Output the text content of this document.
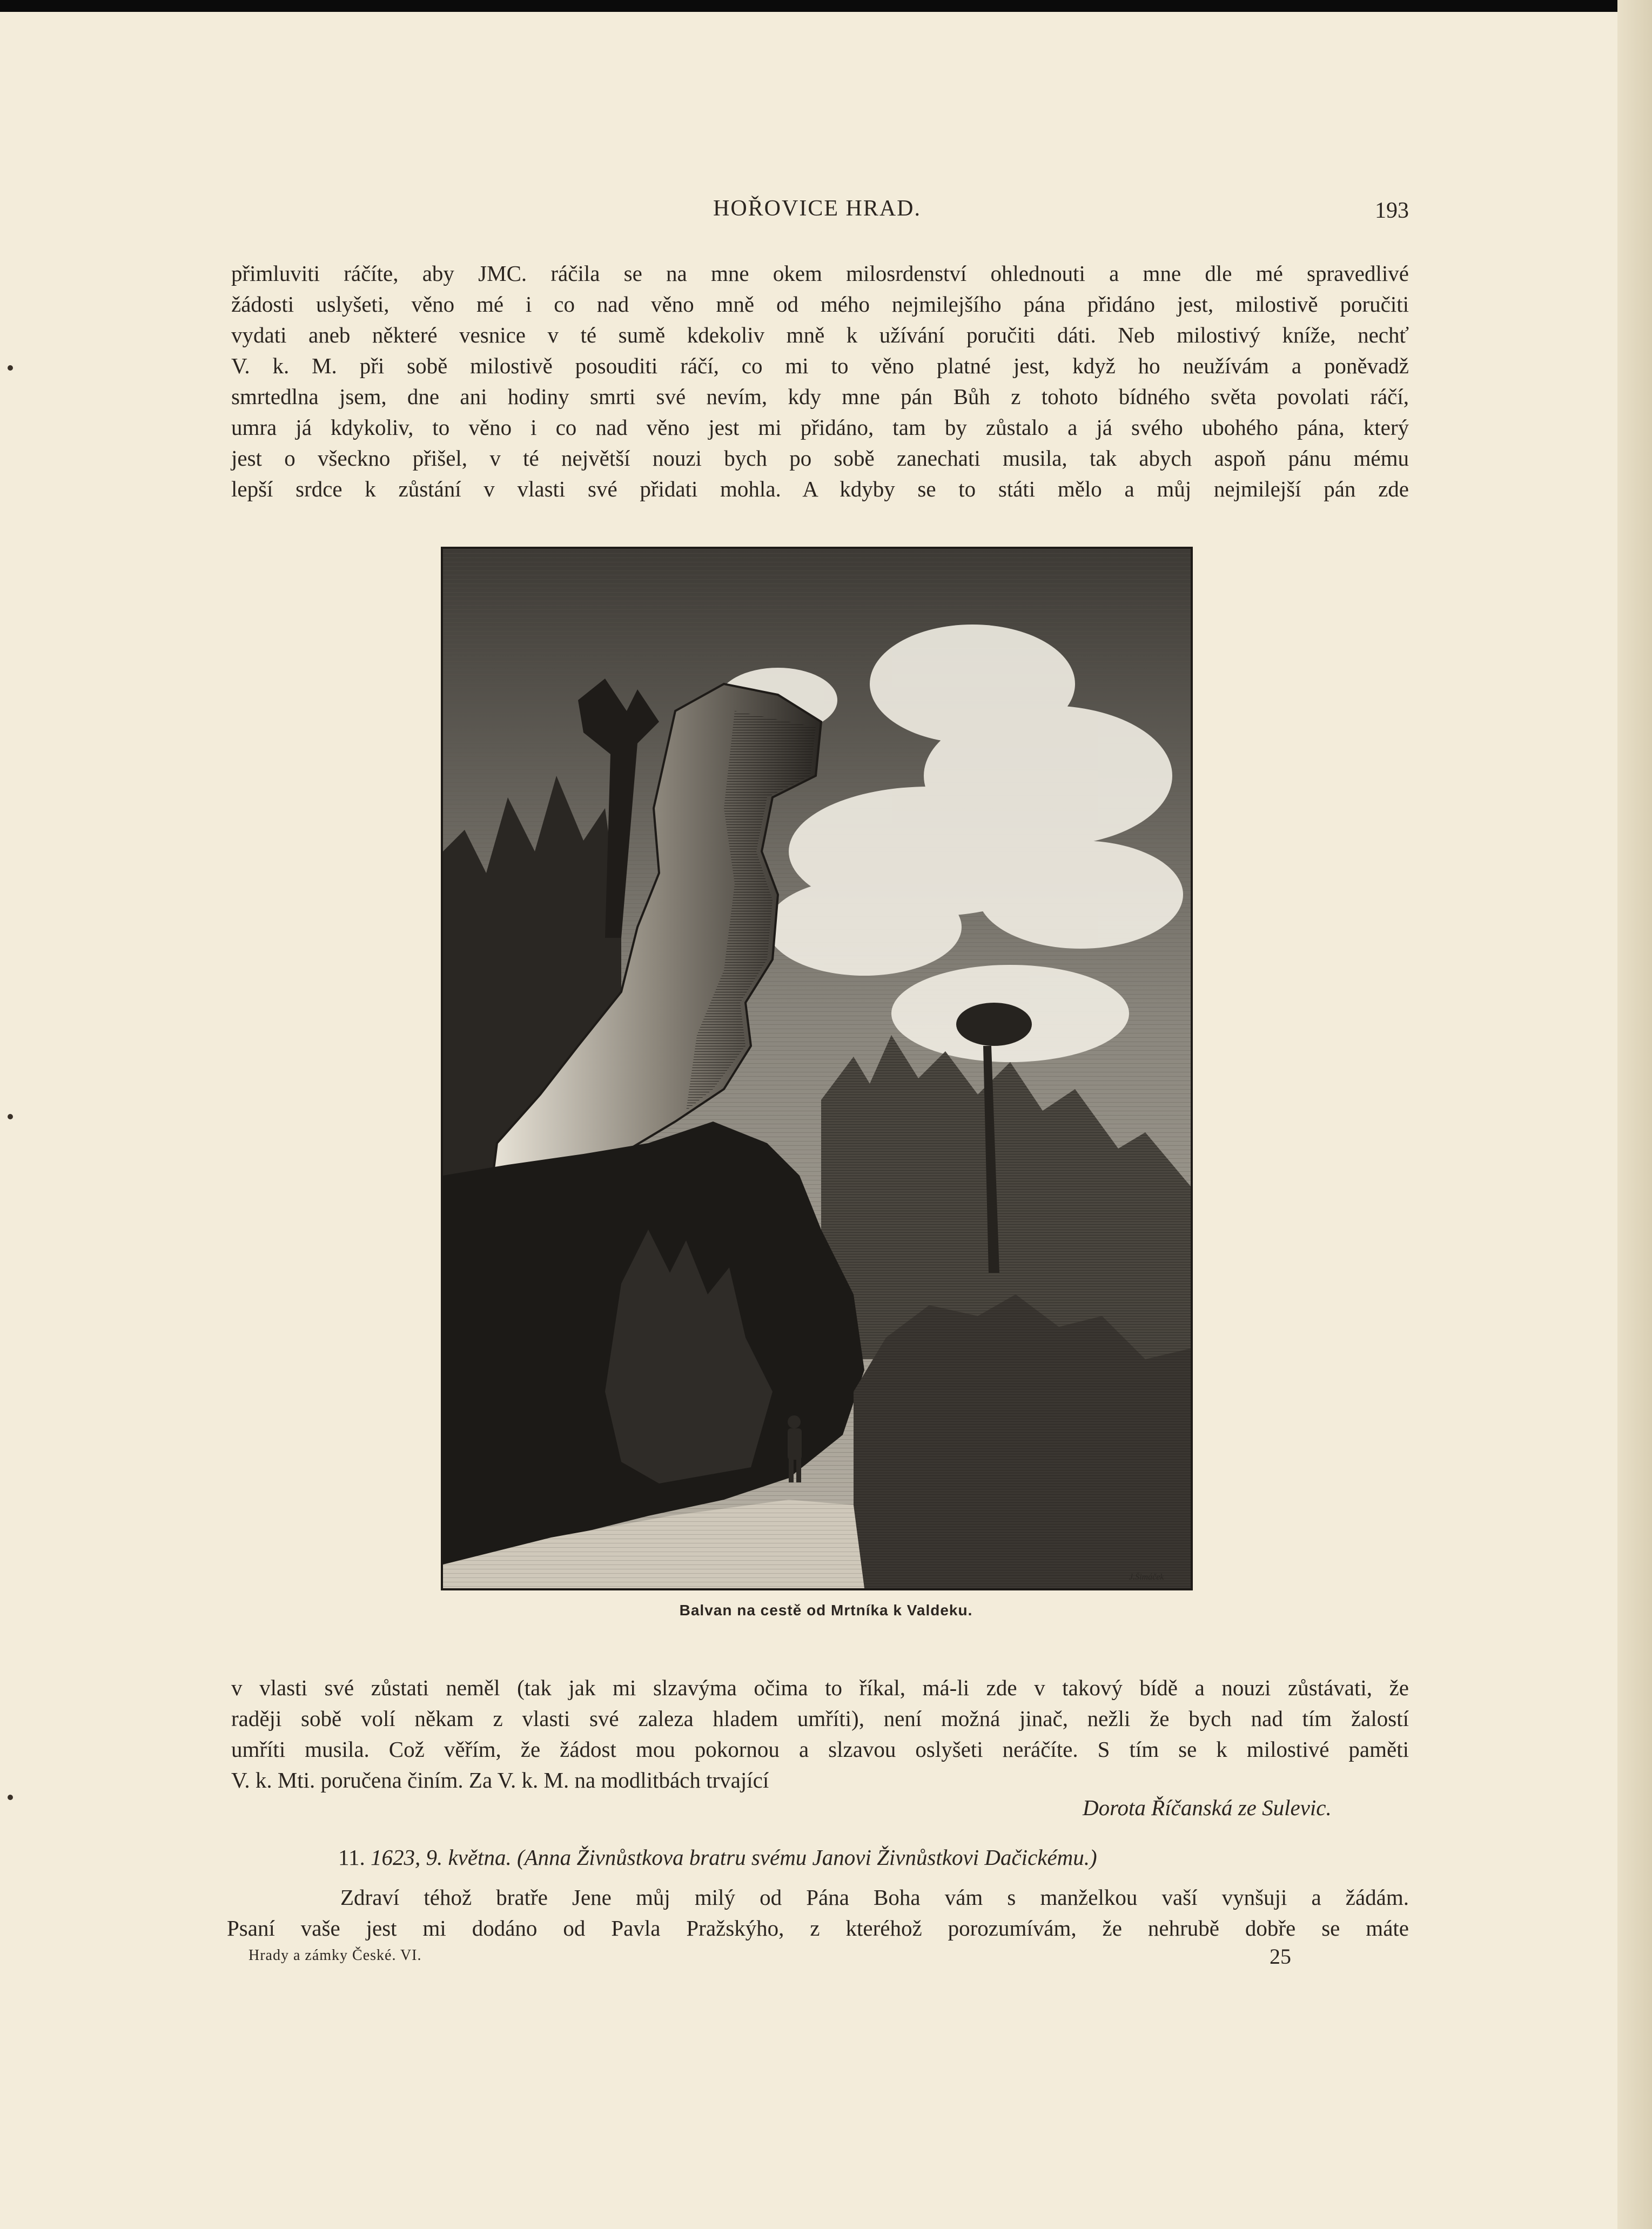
HOŘOVICE HRAD.	193

přimluviti ráčíte, aby JMC. ráčila se na mne okem milosrdenství ohlednouti a mne dle mé spravedlivé

žádosti uslyšeti, věno mé i co nad věno mně od mého nejmilejšího pána přidáno jest, milostivě poručiti

vydati aneb některé vesnice v té sumě kdekoliv mně k užívání poručiti dáti. Neb milostivý kníže, nechť

V. k. M. při sobě milostivě posouditi ráčí, co mi to věno platné jest, když ho neužívám a poněvadž

smrtedlna jsem, dne ani hodiny smrti své nevím, kdy mne pán Bůh z tohoto bídného světa povolati ráčí,

umra já kdykoliv, to věno i co nad věno jest mi přidáno, tam by zůstalo a já svého ubohého pána, který

jest o všeckno přišel, v té největší nouzi bych po sobě zanechati musila, tak abych aspoň pánu mému

lepší srdce k zůstání v vlasti své přidati mohla. A kdyby se to státi mělo a můj nejmilejší pán zde

J.Šimáček
Balvan na cestě od Mrtníka k Valdeku.

v vlasti své zůstati neměl (tak jak mi slzavýma očima to říkal, má-li zde v takový bídě a nouzi zůstávati, že

raději sobě volí někam z vlasti své zaleza hladem umříti), není možná jinač, nežli že bych nad tím žalostí

umříti musila. Což věřím, že žádost mou pokornou a slzavou oslyšeti neráčíte. S tím se k milostivé paměti

V. k. Mti. poručena činím. Za V. k. M. na modlitbách trvající

Dorota Říčanská ze Sulevic.
11. 1623, 9. května. (Anna Živnůstkova bratru svému Janovi Živnůstkovi Dačickému.)

Zdraví téhož bratře Jene můj milý od Pána Boha vám s manželkou vaší vynšuji a žádám.

Psaní vaše jest mi dodáno od Pavla Pražskýho, z kteréhož porozumívám, že nehrubě dobře se máte

Hrady a zámky České. VI.	25
